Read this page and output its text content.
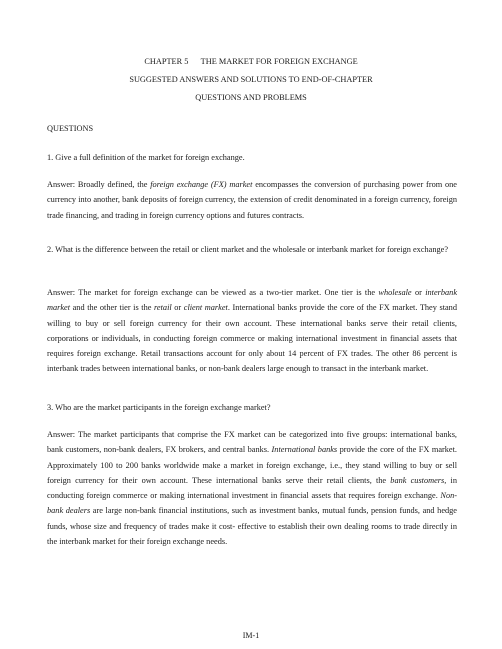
CHAPTER 5      THE MARKET FOR FOREIGN EXCHANGE
SUGGESTED ANSWERS AND SOLUTIONS TO END-OF-CHAPTER
QUESTIONS AND PROBLEMS
QUESTIONS
1. Give a full definition of the market for foreign exchange.
Answer: Broadly defined, the foreign exchange (FX) market encompasses the conversion of purchasing power from one currency into another, bank deposits of foreign currency, the extension of credit denominated in a foreign currency, foreign trade financing, and trading in foreign currency options and futures contracts.
2. What is the difference between the retail or client market and the wholesale or interbank market for foreign exchange?
Answer: The market for foreign exchange can be viewed as a two-tier market. One tier is the wholesale or interbank market and the other tier is the retail or client market. International banks provide the core of the FX market. They stand willing to buy or sell foreign currency for their own account. These international banks serve their retail clients, corporations or individuals, in conducting foreign commerce or making international investment in financial assets that requires foreign exchange. Retail transactions account for only about 14 percent of FX trades. The other 86 percent is interbank trades between international banks, or non-bank dealers large enough to transact in the interbank market.
3. Who are the market participants in the foreign exchange market?
Answer: The market participants that comprise the FX market can be categorized into five groups: international banks, bank customers, non-bank dealers, FX brokers, and central banks. International banks provide the core of the FX market. Approximately 100 to 200 banks worldwide make a market in foreign exchange, i.e., they stand willing to buy or sell foreign currency for their own account. These international banks serve their retail clients, the bank customers, in conducting foreign commerce or making international investment in financial assets that requires foreign exchange. Non-bank dealers are large non-bank financial institutions, such as investment banks, mutual funds, pension funds, and hedge funds, whose size and frequency of trades make it cost- effective to establish their own dealing rooms to trade directly in the interbank market for their foreign exchange needs.
IM-1
